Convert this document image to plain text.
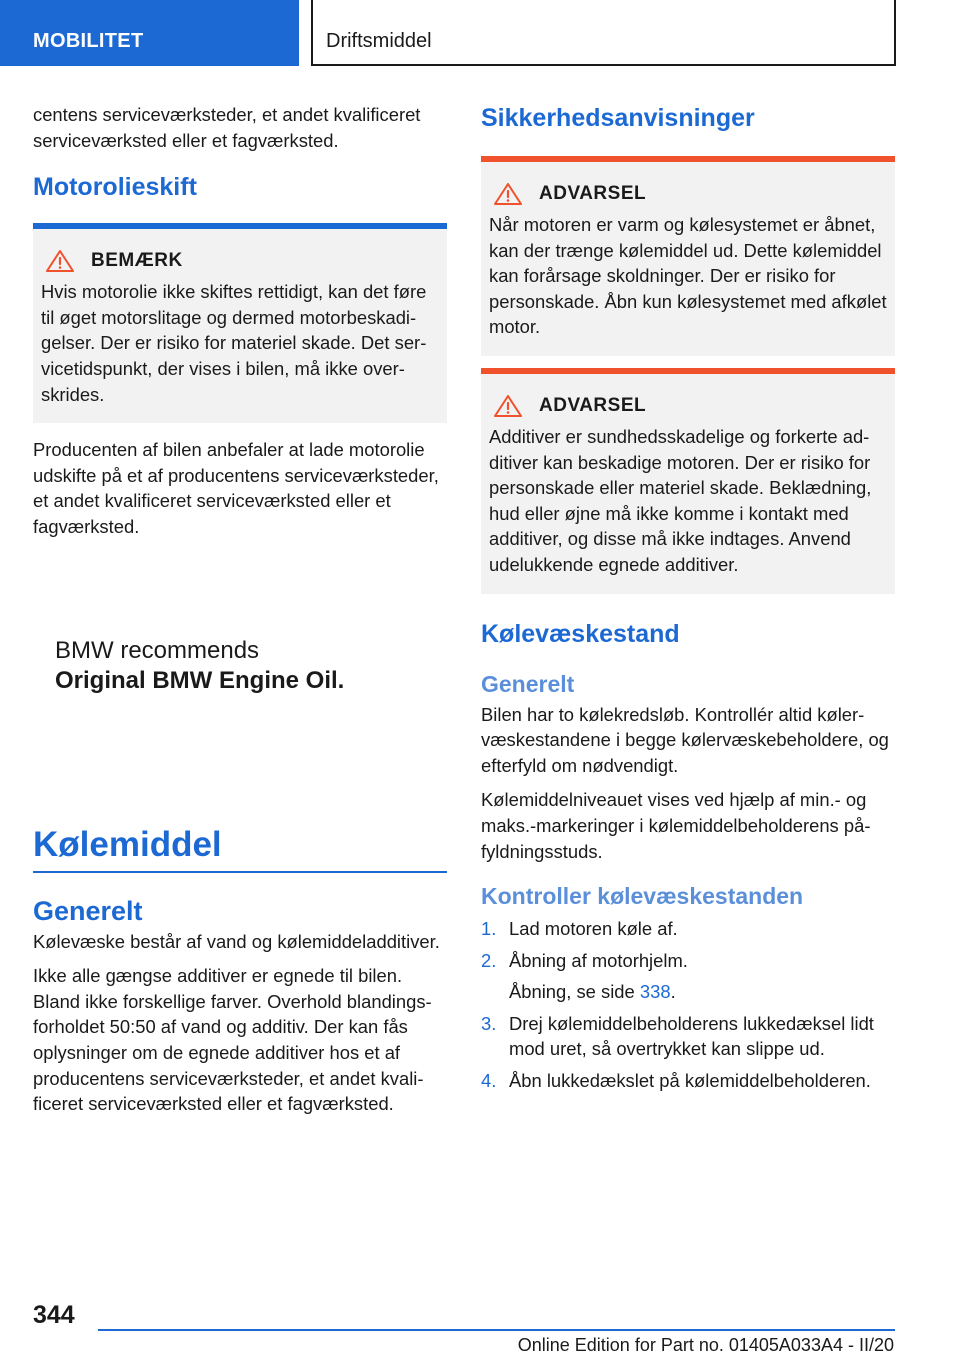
MOBILITET	Driftsmiddel

centens serviceværksteder, et andet kvalificeret serviceværksted eller et fagværksted.

Motorolieskift
BEMÆRK

Hvis motorolie ikke skiftes rettidigt, kan det føre til øget motorslitage og dermed motorbeskadigelser. Der er risiko for materiel skade. Det servicetidspunkt, der vises i bilen, må ikke overskrides.

Producenten af bilen anbefaler at lade motorolie udskifte på et af producentens serviceværksteder, et andet kvalificeret serviceværksted eller et fagværksted.

BMW recommends
Original BMW Engine Oil.
Kølemiddel
Generelt

Kølevæske består af vand og kølemiddeladditiver.

Ikke alle gængse additiver er egnede til bilen. Bland ikke forskellige farver. Overhold blandingsforholdet 50:50 af vand og additiv. Der kan fås oplysninger om de egnede additiver hos et af producentens serviceværksteder, et andet kvalificeret serviceværksted eller et fagværksted.

Sikkerhedsanvisninger
ADVARSEL

Når motoren er varm og kølesystemet er åbnet, kan der trænge kølemiddel ud. Dette kølemiddel kan forårsage skoldninger. Der er risiko for personskade. Åbn kun kølesystemet med afkølet motor.

ADVARSEL

Additiver er sundhedsskadelige og forkerte additiver kan beskadige motoren. Der er risiko for personskade eller materiel skade. Beklædning, hud eller øjne må ikke komme i kontakt med additiver, og disse må ikke indtages. Anvend udelukkende egnede additiver.

Kølevæskestand
Generelt

Bilen har to kølekredsløb. Kontrollér altid kølervæskestandene i begge kølervæskebeholdere, og efterfyld om nødvendigt.

Kølemiddelniveauet vises ved hjælp af min.- og maks.-markeringer i kølemiddelbeholderens påfyldningsstuds.

Kontroller kølevæskestanden
1. Lad motoren køle af.
2. Åbning af motorhjelm.
Åbning, se side 338.
3. Drej kølemiddelbeholderens lukkedæksel lidt mod uret, så overtrykket kan slippe ud.
4. Åbn lukkedækslet på kølemiddelbeholderen.
344
Online Edition for Part no. 01405A033A4 - II/20
